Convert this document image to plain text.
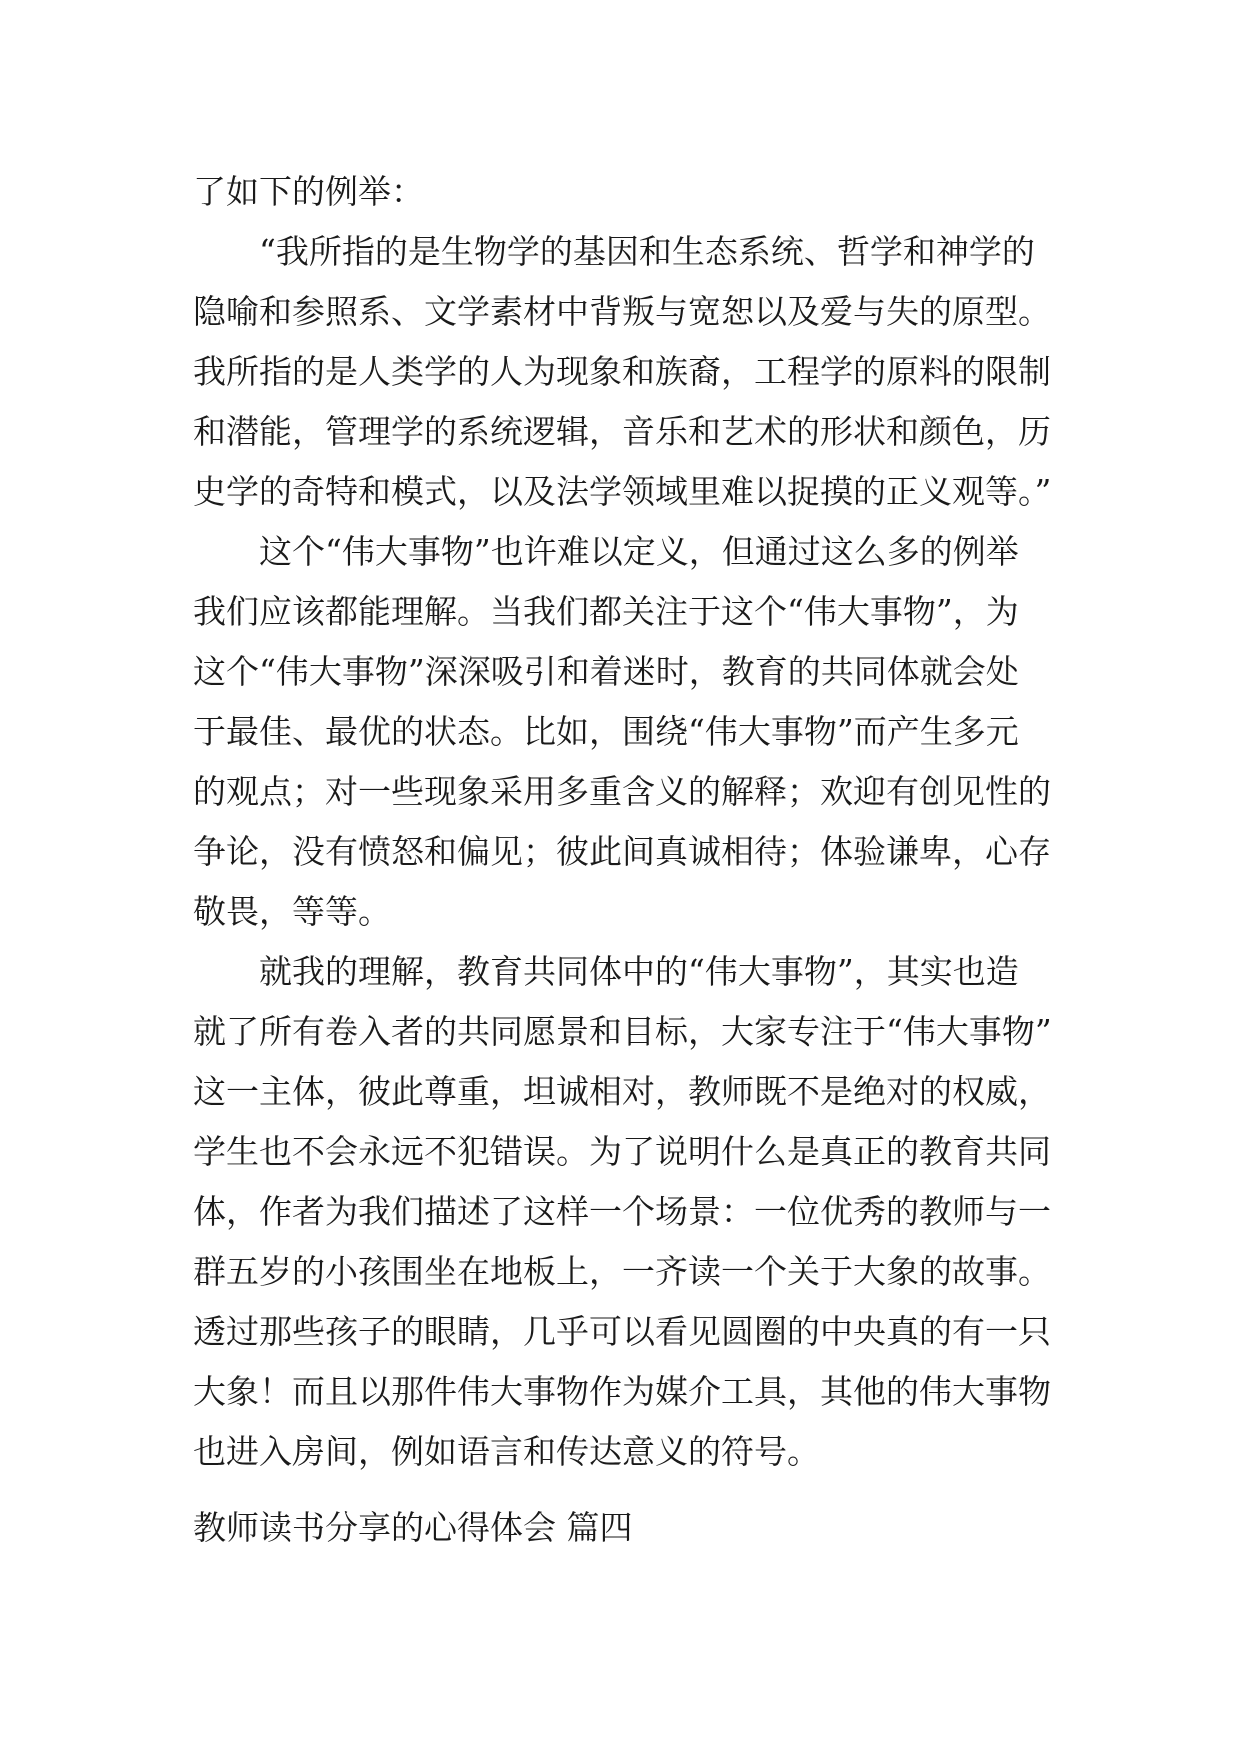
了如下的例举：
“我所指的是生物学的基因和生态系统、哲学和神学的
隐喻和参照系、文学素材中背叛与宽恕以及爱与失的原型。
我所指的是人类学的人为现象和族裔，工程学的原料的限制
和潜能，管理学的系统逻辑，音乐和艺术的形状和颜色，历
史学的奇特和模式，以及法学领域里难以捉摸的正义观等。”
这个“伟大事物”也许难以定义，但通过这么多的例举
我们应该都能理解。当我们都关注于这个“伟大事物”，为
这个“伟大事物”深深吸引和着迷时，教育的共同体就会处
于最佳、最优的状态。比如，围绕“伟大事物”而产生多元
的观点；对一些现象采用多重含义的解释；欢迎有创见性的
争论，没有愤怒和偏见；彼此间真诚相待；体验谦卑，心存
敬畏，等等。
就我的理解，教育共同体中的“伟大事物”，其实也造
就了所有卷入者的共同愿景和目标，大家专注于“伟大事物”
这一主体，彼此尊重，坦诚相对，教师既不是绝对的权威，
学生也不会永远不犯错误。为了说明什么是真正的教育共同
体，作者为我们描述了这样一个场景：一位优秀的教师与一
群五岁的小孩围坐在地板上，一齐读一个关于大象的故事。
透过那些孩子的眼睛，几乎可以看见圆圈的中央真的有一只
大象！而且以那件伟大事物作为媒介工具，其他的伟大事物
也进入房间，例如语言和传达意义的符号。
教师读书分享的心得体会 篇四
